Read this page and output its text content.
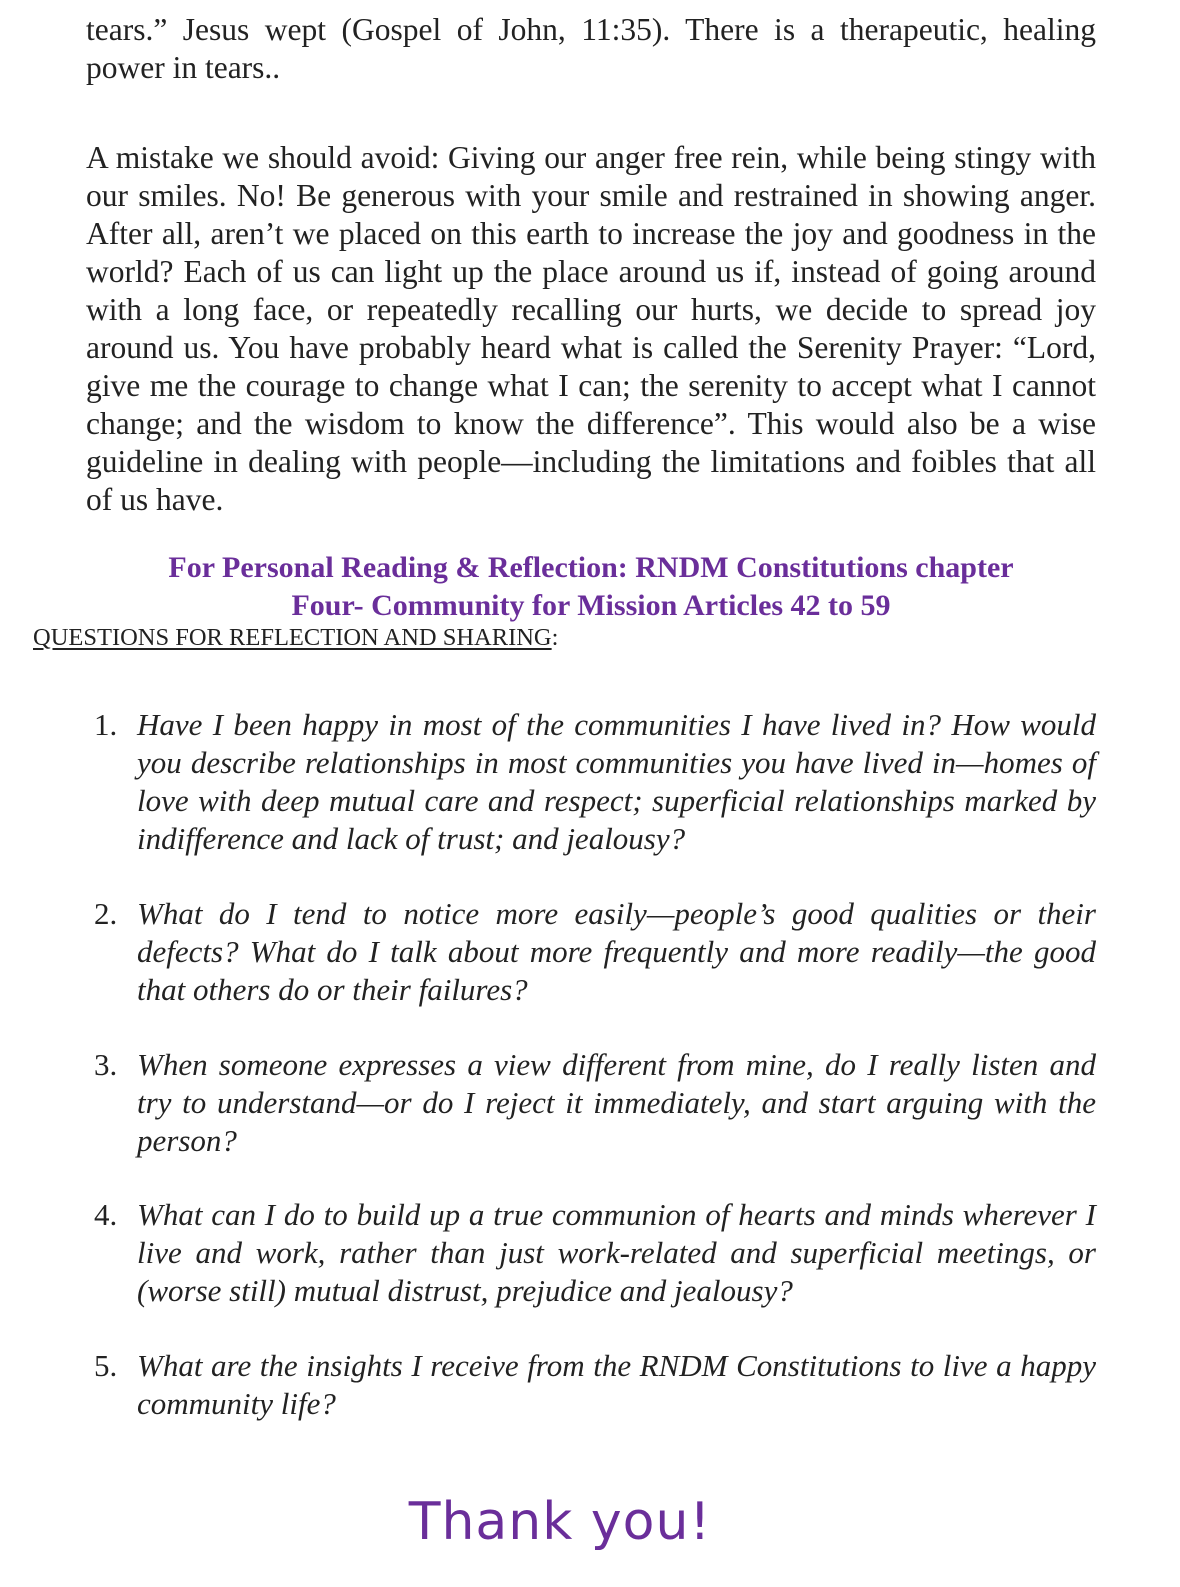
tears.” Jesus wept (Gospel of John, 11:35). There is a therapeutic, healing power in tears..

A mistake we should avoid: Giving our anger free rein, while being stingy with our smiles. No! Be generous with your smile and restrained in showing anger. After all, aren’t we placed on this earth to increase the joy and goodness in the world? Each of us can light up the place around us if, instead of going around with a long face, or repeatedly recalling our hurts, we decide to spread joy around us. You have probably heard what is called the Serenity Prayer: “Lord, give me the courage to change what I can; the serenity to accept what I cannot change; and the wisdom to know the difference”. This would also be a wise guideline in dealing with people—including the limitations and foibles that all of us have.

For Personal Reading & Reflection: RNDM Constitutions chapter
Four- Community for Mission Articles 42 to 59

QUESTIONS FOR REFLECTION AND SHARING:

1. Have I been happy in most of the communities I have lived in? How would you describe relationships in most communities you have lived in—homes of love with deep mutual care and respect; superficial relationships marked by indifference and lack of trust; and jealousy?

2. What do I tend to notice more easily—people’s good qualities or their defects? What do I talk about more frequently and more readily—the good that others do or their failures?

3. When someone expresses a view different from mine, do I really listen and try to understand—or do I reject it immediately, and start arguing with the person?

4. What can I do to build up a true communion of hearts and minds wherever I live and work, rather than just work-related and superficial meetings, or (worse still) mutual distrust, prejudice and jealousy?

5. What are the insights I receive from the RNDM Constitutions to live a happy community life?

Thank you!
